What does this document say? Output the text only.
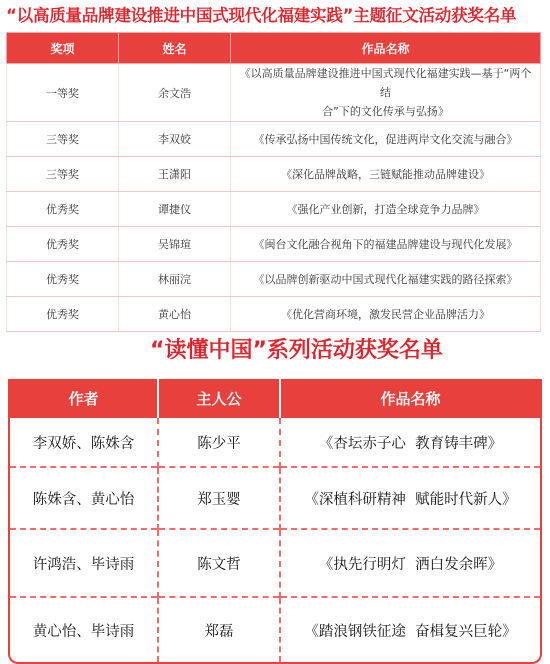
“以高质量品牌建设推进中国式现代化福建实践”主题征文活动获奖名单
奖项	姓名	作品名称
一等奖	余文浩	《以高质量品牌建设推进中国式现代化福建实践—基于“两个结
合”下的文化传承与弘扬》

三等奖	李双姣	《传承弘扬中国传统文化，促进两岸文化交流与融合》
三等奖	王潇阳	《深化品牌战略，三链赋能推动品牌建设》
优秀奖	谭捷仪	《强化产业创新，打造全球竞争力品牌》
优秀奖	吴锦瑄	《闽台文化融合视角下的福建品牌建设与现代化发展》
优秀奖	林丽浣	《以品牌创新驱动中国式现代化福建实践的路径探索》
优秀奖	黄心怡	《优化营商环境，激发民营企业品牌活力》
“读懂中国”系列活动获奖名单
作者	主人公	作品名称
李双娇、陈姝含	陈少平	《杏坛赤子心  教育铸丰碑》
陈姝含、黄心怡	郑玉婴	《深植科研精神  赋能时代新人》
许鸿浩、毕诗雨	陈文哲	《执先行明灯  洒白发余晖》
黄心怡、毕诗雨	郑磊	《踏浪钢铁征途  奋楫复兴巨轮》
